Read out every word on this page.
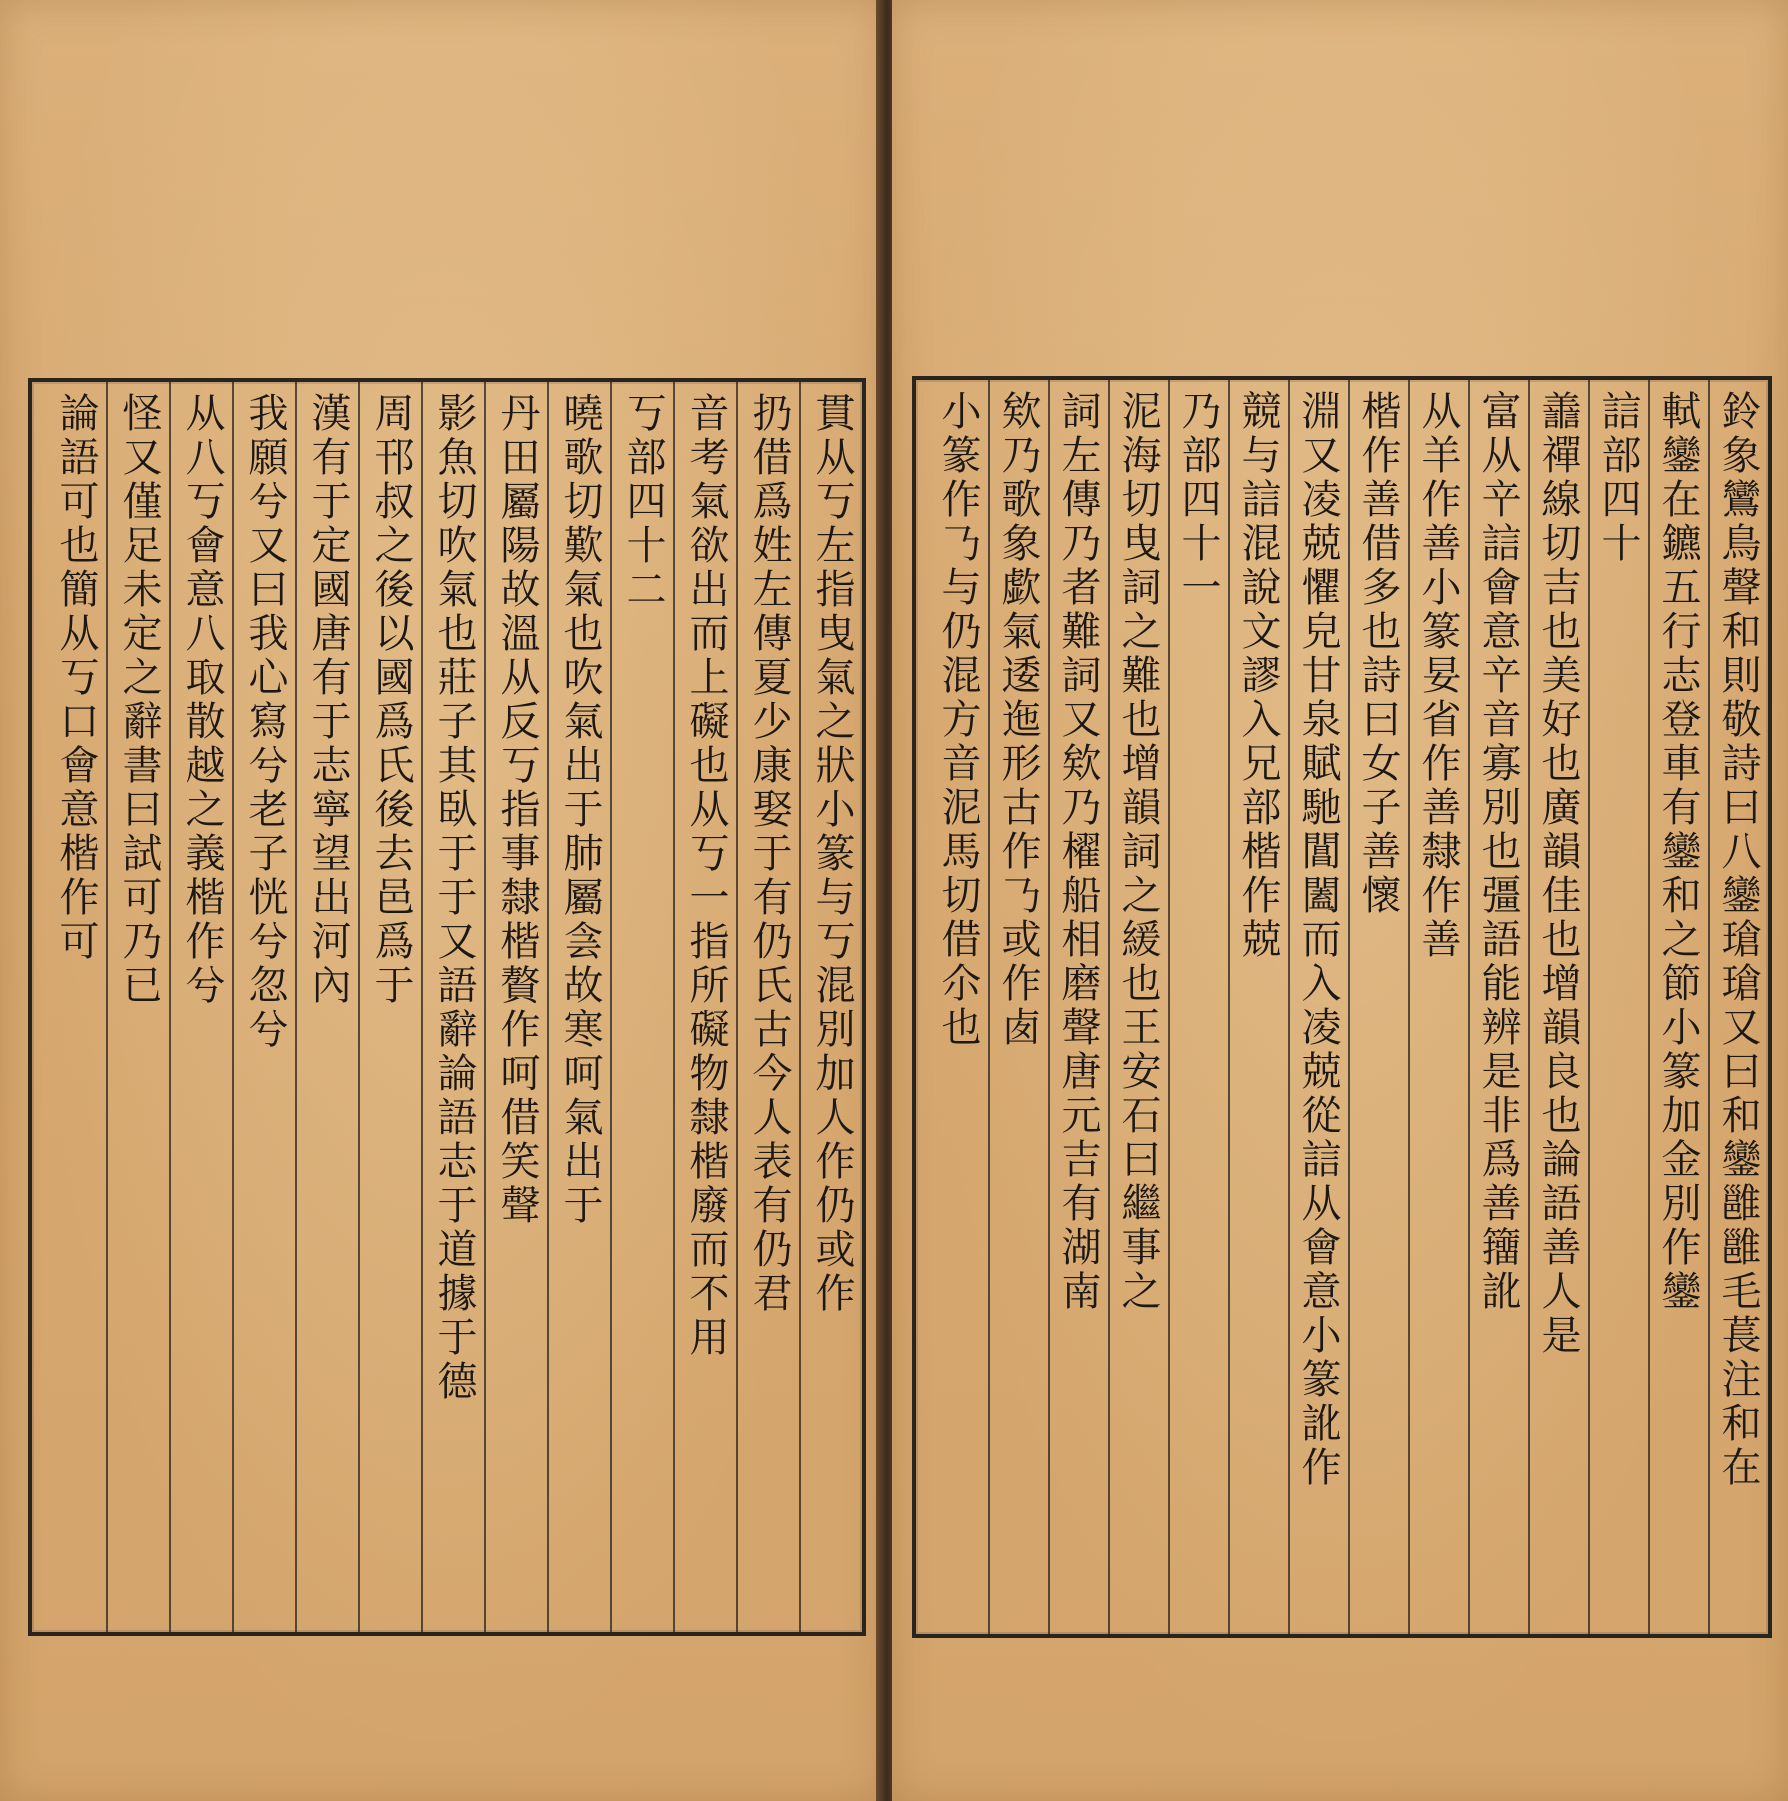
貫从丂左指曳氣之狀小篆与丂混別加人作仍或作
扔借爲姓左傳夏少康娶于有仍氏古今人表有仍君
音考氣欲出而上礙也从丂一指所礙物隸楷廢而不用
丂部四十二
曉歌切歎氣也吹氣出于肺屬侌故寒呵氣出于
丹田屬陽故溫从反丂指事隸楷贅作呵借笑聲
影魚切吹氣也莊子其臥于于又語辭論語志于道據于德
周邗叔之後以國爲氏後去邑爲于
漢有于定國唐有于志寧望出河內
我願兮又曰我心寫兮老子恍兮忽兮
从八丂會意八取散越之義楷作兮
怪又僅足未定之辭書曰試可乃已
論語可也簡从丂口會意楷作可	鈴象鸞鳥聲和則敬詩曰八鑾瑲瑲又曰和鑾雝雝毛萇注和在
軾鑾在鑣五行志登車有鑾和之節小篆加金別作鑾
誩部四十
譱禪線切吉也美好也廣韻佳也增韻良也論語善人是
富从䇂誩會意䇂音寡別也彊語能辨是非爲善籒訛
从羊作善小篆妟省作善隸作善
楷作善借多也詩曰女子善懷
淵又凌兢懼皃甘泉賦馳閶闔而入凌兢從誩从會意小篆訛作
競与誩混說文謬入兄部楷作兢
乃部四十一
泥海切曳詞之難也增韻詞之緩也王安石曰繼事之
詞左傳乃者難詞又欸乃櫂船相磨聲唐元吉有湖南
欸乃歌象歔氣逶迤形古作𠄎或作𠧧
小篆作𠄎与仍混方音泥馬切借尒也
